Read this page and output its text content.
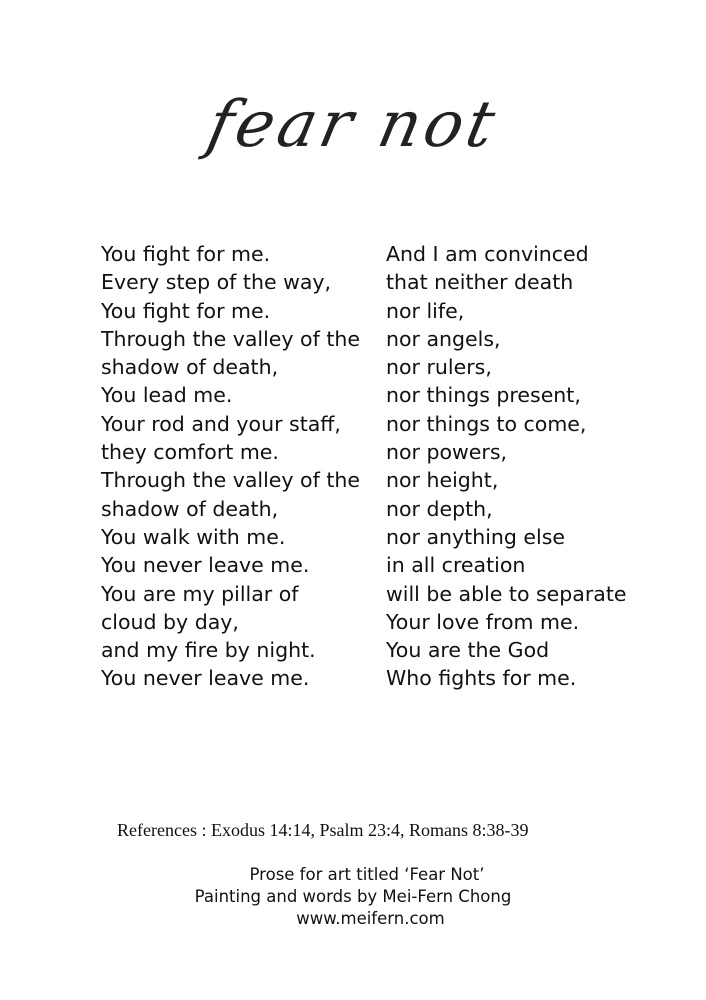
fear not
You fight for me.
Every step of the way,
You fight for me.
Through the valley of the
shadow of death,
You lead me.
Your rod and your staff,
they comfort me.
Through the valley of the
shadow of death,
You walk with me.
You never leave me.
You are my pillar of
cloud by day,
and my fire by night.
You never leave me.
And I am convinced
that neither death
nor life,
nor angels,
nor rulers,
nor things present,
nor things to come,
nor powers,
nor height,
nor depth,
nor anything else
in all creation
will be able to separate
Your love from me.
You are the God
Who fights for me.
References : Exodus 14:14, Psalm 23:4, Romans 8:38-39
Prose for art titled ‘Fear Not’
Painting and words by Mei-Fern Chong
www.meifern.com
